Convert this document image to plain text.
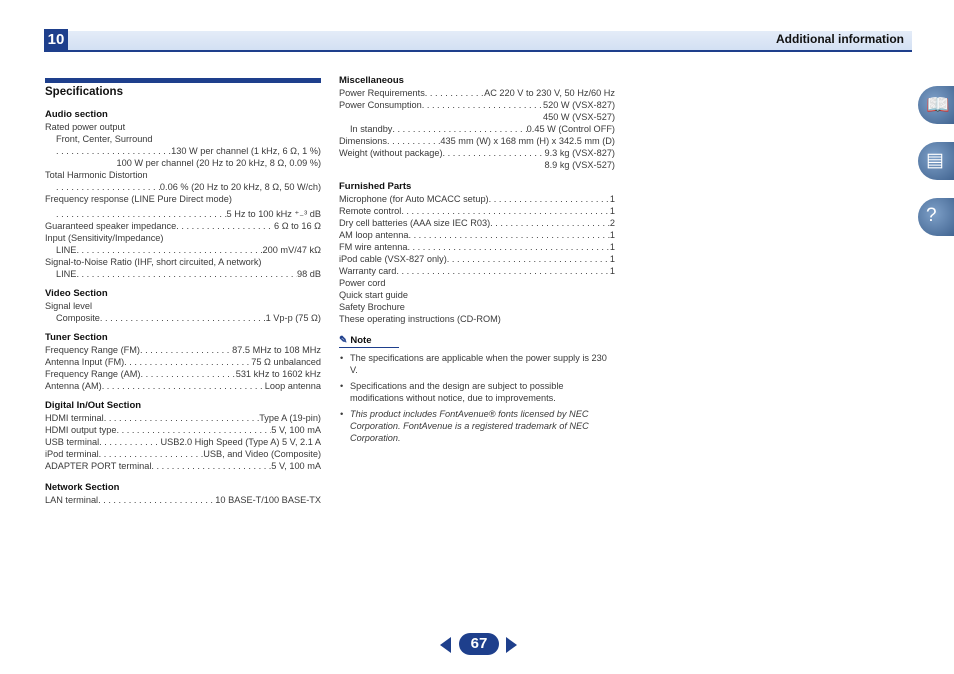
10	Additional information
📖
▤
?
Specifications
Audio section
Rated power output
Front, Center, Surround
. . .
130 W per channel (1 kHz, 6 Ω, 1 %)
100 W per channel (20 Hz to 20 kHz, 8 Ω, 0.09 %)
Total Harmonic Distortion
. . .
0.06 % (20 Hz to 20 kHz, 8 Ω, 50 W/ch)
Frequency response (LINE Pure Direct mode)
. . .
5 Hz to 100 kHz ⁺₋³ dB
Guaranteed speaker impedance . . .	6 Ω to 16 Ω
Input (Sensitivity/Impedance)
LINE . . .	200 mV/47 kΩ
Signal-to-Noise Ratio (IHF, short circuited, A network)
LINE . . .	98 dB
Video Section
Signal level
Composite . . .	1 Vp-p (75 Ω)
Tuner Section
Frequency Range (FM) . . .	87.5 MHz to 108 MHz
Antenna Input (FM) . . .	75 Ω unbalanced
Frequency Range (AM) . . .	531 kHz to 1602 kHz
Antenna (AM) . . .	Loop antenna
Digital In/Out Section
HDMI terminal . . .	Type A (19-pin)
HDMI output type . . .	5 V, 100 mA
USB terminal . . .	USB2.0 High Speed (Type A) 5 V, 2.1 A
iPod terminal . . .	USB, and Video (Composite)
ADAPTER PORT terminal . . .	5 V, 100 mA
Network Section
LAN terminal . . .	10 BASE-T/100 BASE-TX
Miscellaneous
Power Requirements . . .	AC 220 V to 230 V, 50 Hz/60 Hz
Power Consumption . . .	520 W (VSX-827)
450 W (VSX-527)
In standby . . .	0.45 W (Control OFF)
Dimensions . . .	435 mm (W) x 168 mm (H) x 342.5 mm (D)
Weight (without package) . . .	9.3 kg (VSX-827)
8.9 kg (VSX-527)
Furnished Parts
Microphone (for Auto MCACC setup) . . .	1
Remote control . . .	1
Dry cell batteries (AAA size IEC R03) . . .	2
AM loop antenna . . .	1
FM wire antenna . . .	1
iPod cable (VSX-827 only) . . .	1
Warranty card . . .	1
Power cord
Quick start guide
Safety Brochure
These operating instructions (CD-ROM)
✎ Note
• The specifications are applicable when the power supply is 230 V.
• Specifications and the design are subject to possible modifications without notice, due to improvements.
• This product includes FontAvenue® fonts licensed by NEC Corporation. FontAvenue is a registered trademark of NEC Corporation.
67
